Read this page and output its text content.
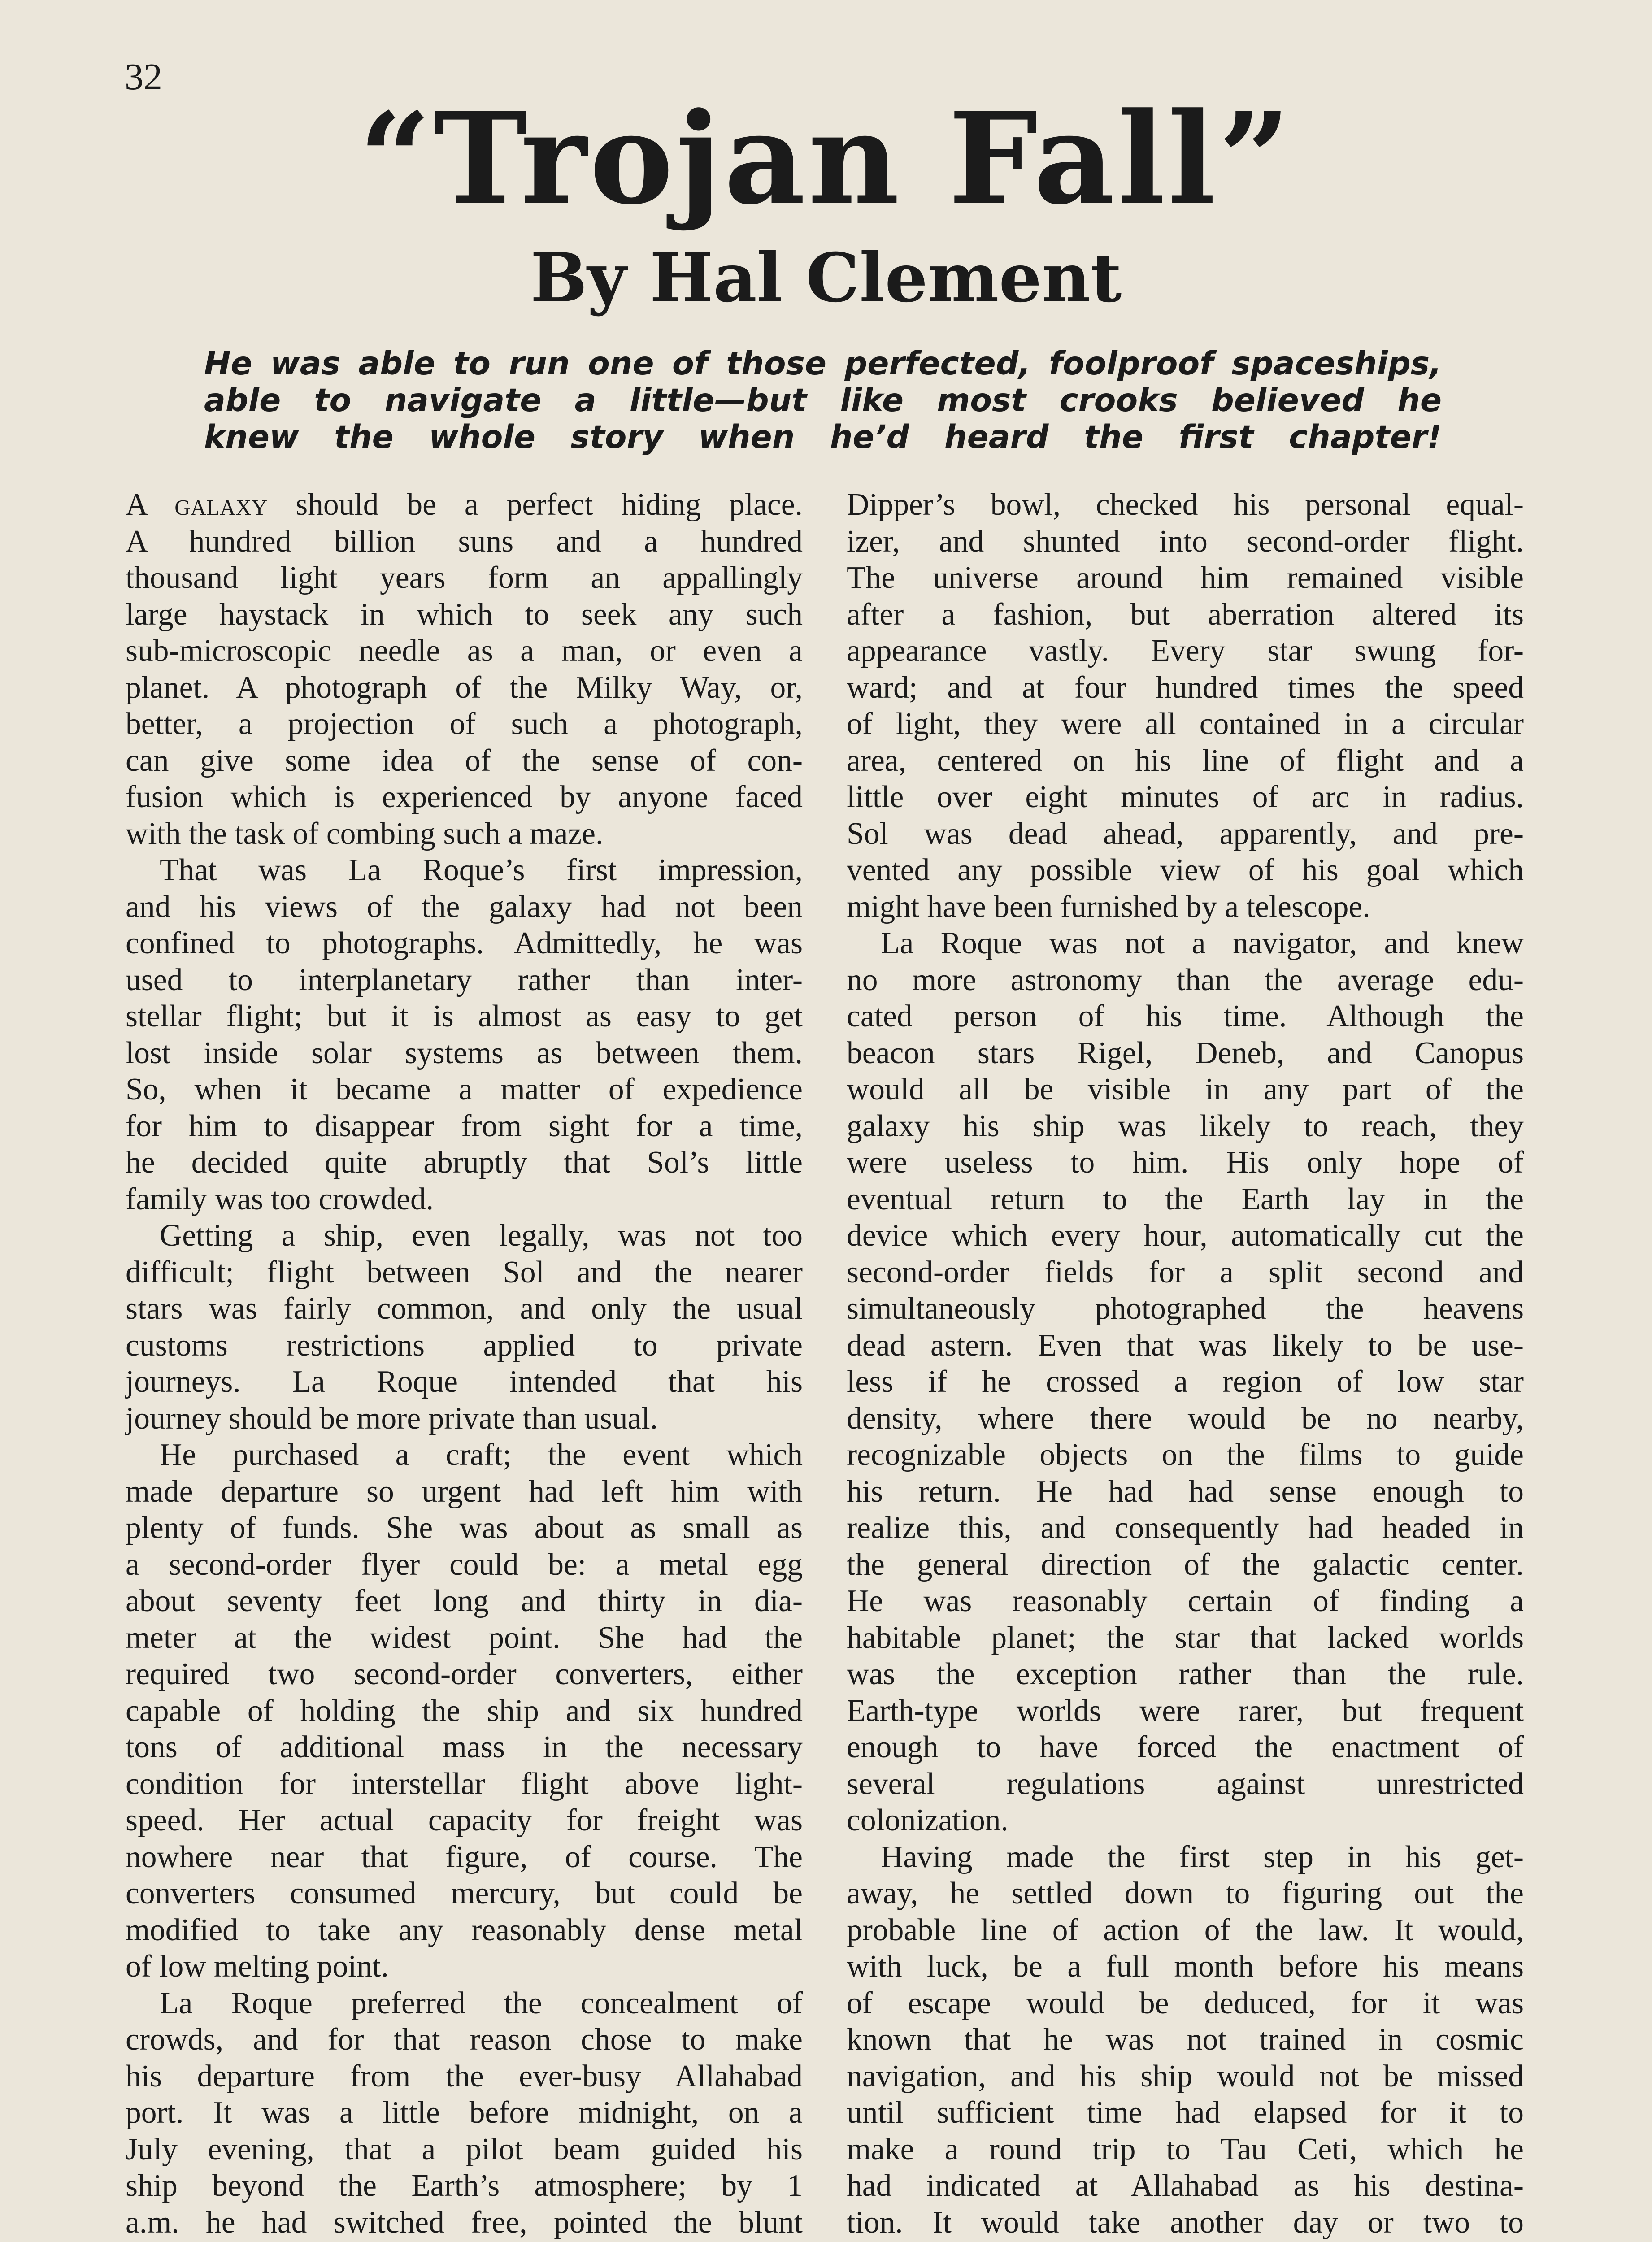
32
“Trojan Fall”
By Hal Clement
He was able to run one of those perfected, foolproof spaceships,
able to navigate a little—but like most crooks believed he
knew the whole story when he’d heard the first chapter!
A galaxy should be a perfect hiding place.
A hundred billion suns and a hundred
thousand light years form an appallingly
large haystack in which to seek any such
sub-microscopic needle as a man, or even a
planet. A photograph of the Milky Way, or,
better, a projection of such a photograph,
can give some idea of the sense of con-
fusion which is experienced by anyone faced
with the task of combing such a maze.
That was La Roque’s first impression,
and his views of the galaxy had not been
confined to photographs. Admittedly, he was
used to interplanetary rather than inter-
stellar flight; but it is almost as easy to get
lost inside solar systems as between them.
So, when it became a matter of expedience
for him to disappear from sight for a time,
he decided quite abruptly that Sol’s little
family was too crowded.
Getting a ship, even legally, was not too
difficult; flight between Sol and the nearer
stars was fairly common, and only the usual
customs restrictions applied to private
journeys. La Roque intended that his
journey should be more private than usual.
He purchased a craft; the event which
made departure so urgent had left him with
plenty of funds. She was about as small as
a second-order flyer could be: a metal egg
about seventy feet long and thirty in dia-
meter at the widest point. She had the
required two second-order converters, either
capable of holding the ship and six hundred
tons of additional mass in the necessary
condition for interstellar flight above light-
speed. Her actual capacity for freight was
nowhere near that figure, of course. The
converters consumed mercury, but could be
modified to take any reasonably dense metal
of low melting point.
La Roque preferred the concealment of
crowds, and for that reason chose to make
his departure from the ever-busy Allahabad
port. It was a little before midnight, on a
July evening, that a pilot beam guided his
ship beyond the Earth’s atmosphere; by 1
a.m. he had switched free, pointed the blunt
Dipper’s bowl, checked his personal equal-
izer, and shunted into second-order flight.
The universe around him remained visible
after a fashion, but aberration altered its
appearance vastly. Every star swung for-
ward; and at four hundred times the speed
of light, they were all contained in a circular
area, centered on his line of flight and a
little over eight minutes of arc in radius.
Sol was dead ahead, apparently, and pre-
vented any possible view of his goal which
might have been furnished by a telescope.
La Roque was not a navigator, and knew
no more astronomy than the average edu-
cated person of his time. Although the
beacon stars Rigel, Deneb, and Canopus
would all be visible in any part of the
galaxy his ship was likely to reach, they
were useless to him. His only hope of
eventual return to the Earth lay in the
device which every hour, automatically cut the
second-order fields for a split second and
simultaneously photographed the heavens
dead astern. Even that was likely to be use-
less if he crossed a region of low star
density, where there would be no nearby,
recognizable objects on the films to guide
his return. He had had sense enough to
realize this, and consequently had headed in
the general direction of the galactic center.
He was reasonably certain of finding a
habitable planet; the star that lacked worlds
was the exception rather than the rule.
Earth-type worlds were rarer, but frequent
enough to have forced the enactment of
several regulations against unrestricted
colonization.
Having made the first step in his get-
away, he settled down to figuring out the
probable line of action of the law. It would,
with luck, be a full month before his means
of escape would be deduced, for it was
known that he was not trained in cosmic
navigation, and his ship would not be missed
until sufficient time had elapsed for it to
make a round trip to Tau Ceti, which he
had indicated at Allahabad as his destina-
tion. It would take another day or two to
